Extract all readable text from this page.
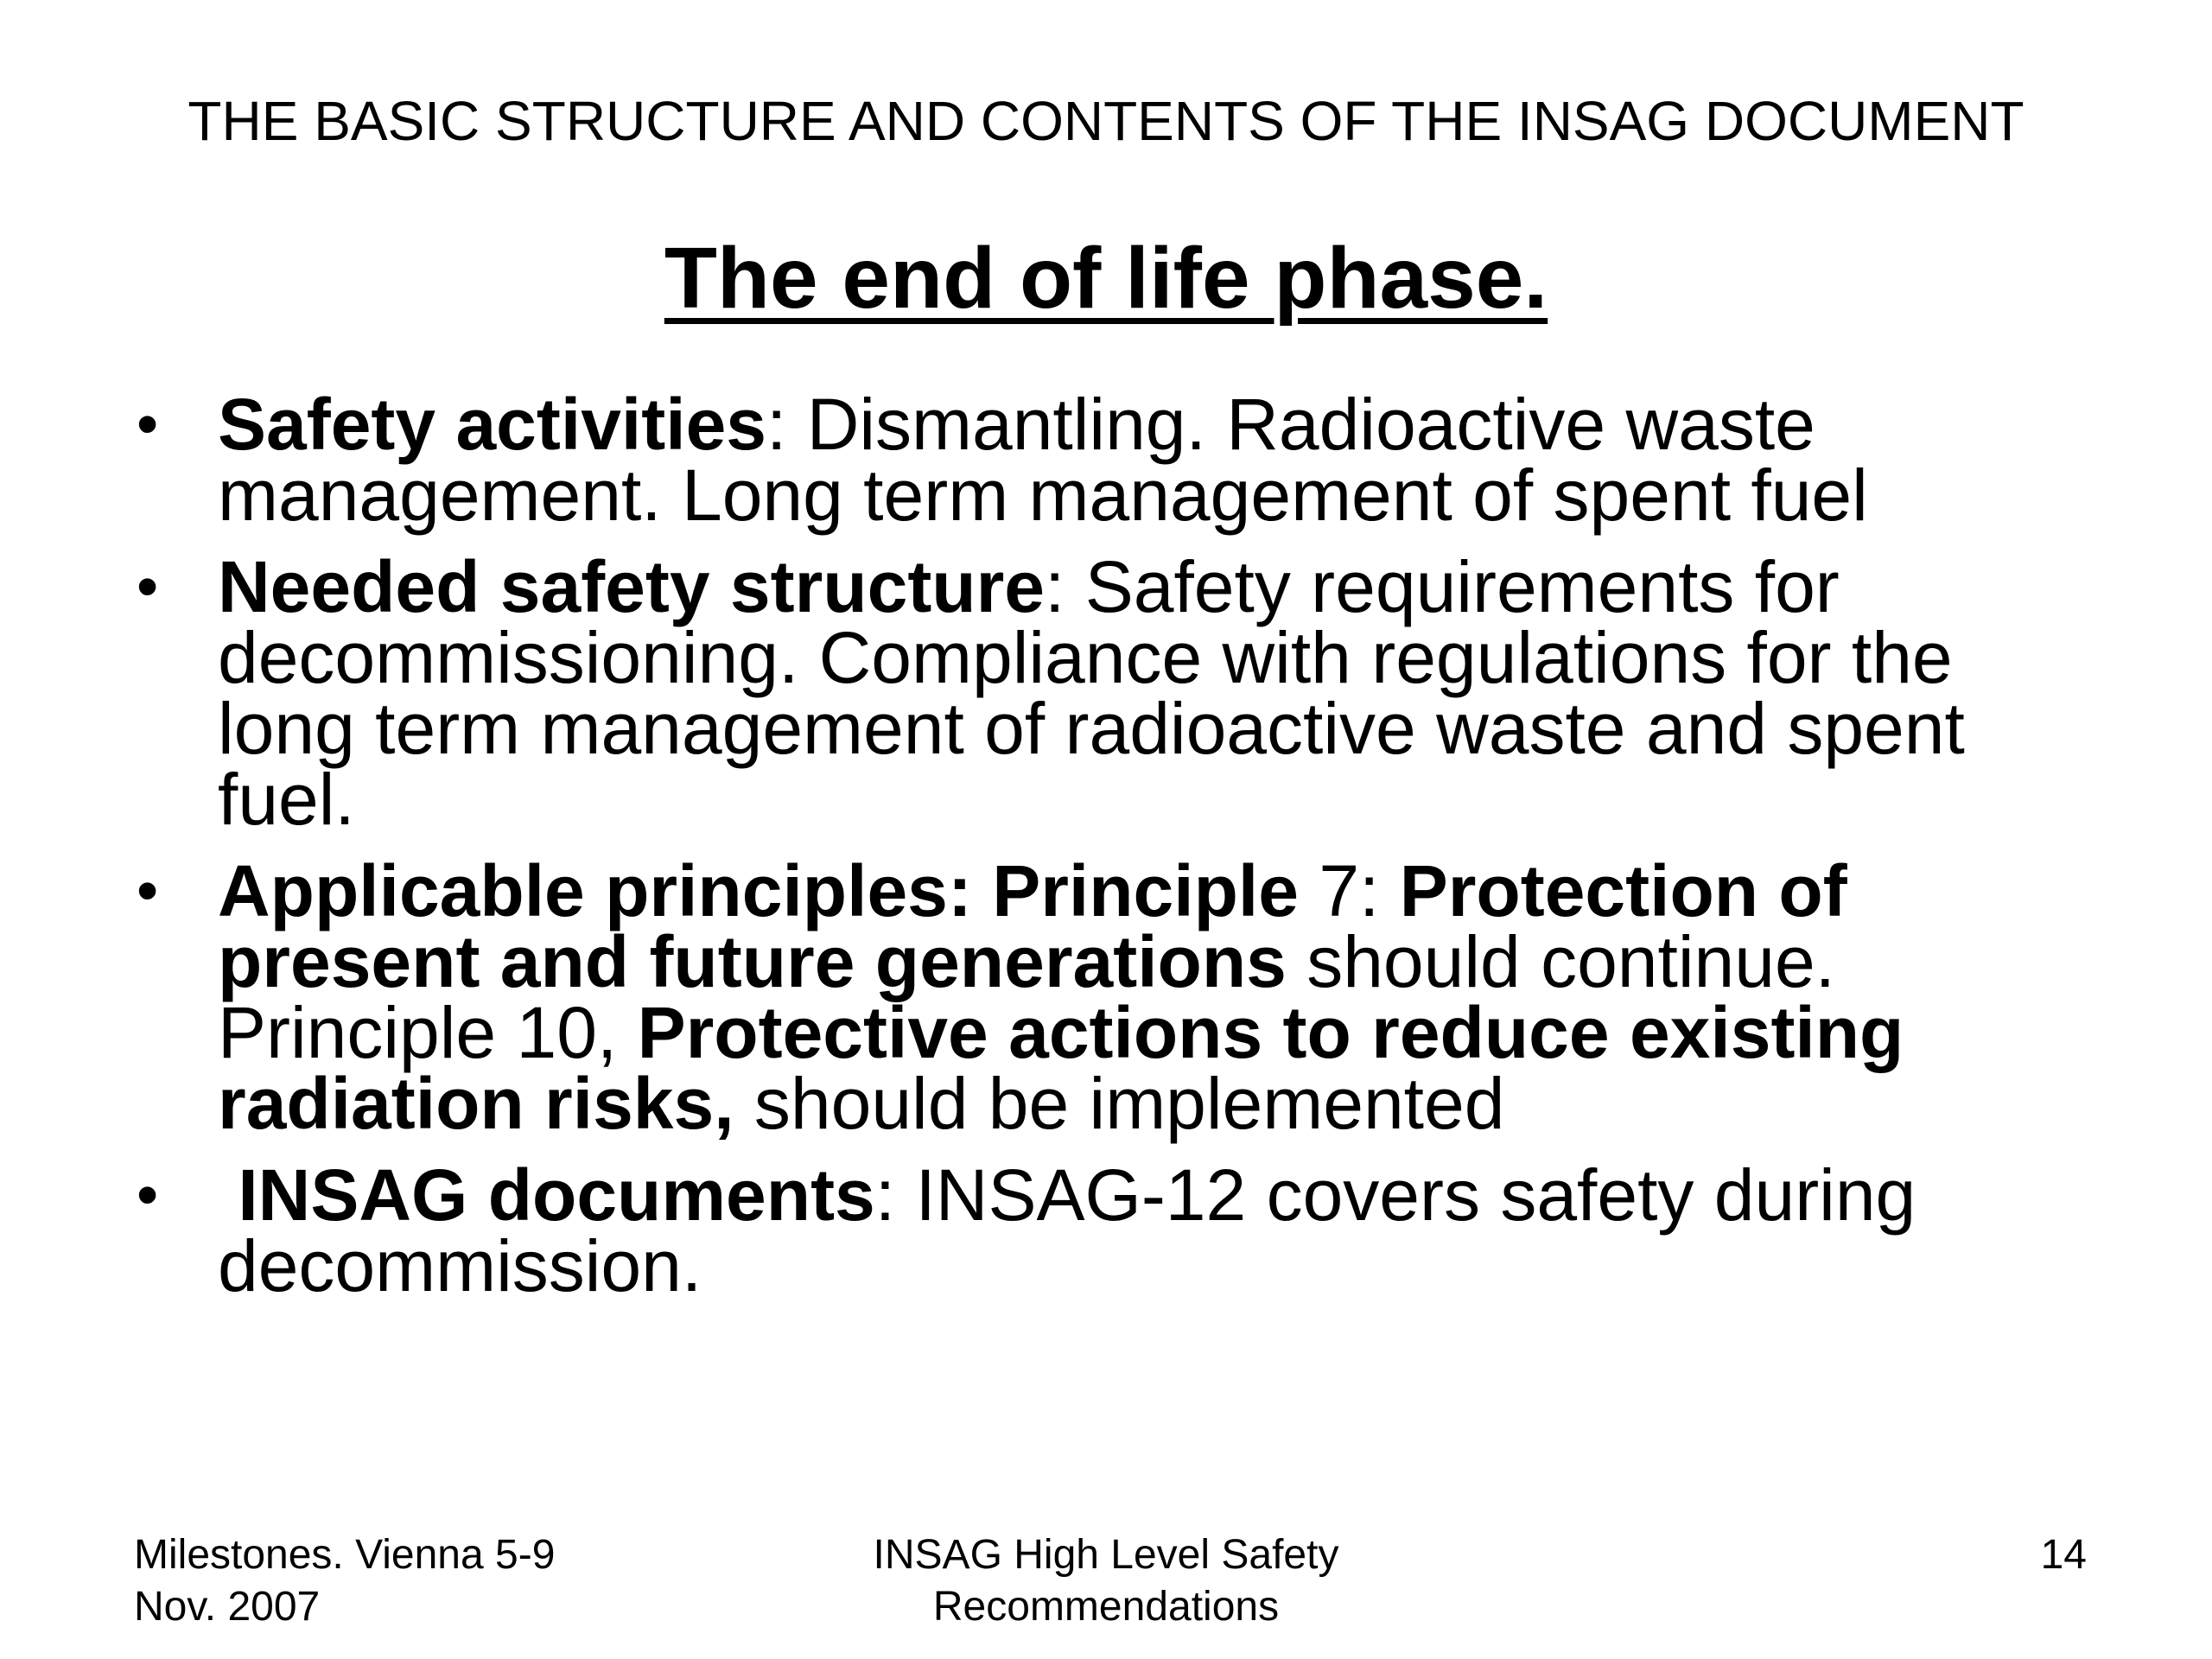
THE BASIC STRUCTURE AND CONTENTS OF THE INSAG DOCUMENT
The end of life phase.
• Safety activities: Dismantling. Radioactive waste management. Long term management of spent fuel
• Needed safety structure: Safety requirements for decommissioning. Compliance with regulations for the long term management of radioactive waste and spent fuel.
• Applicable principles: Principle 7: Protection of present and future generations should continue. Principle 10, Protective actions to reduce existing radiation risks, should be implemented
• INSAG documents: INSAG-12 covers safety during decommission.
Milestones. Vienna 5-9
Nov. 2007
INSAG High Level Safety
Recommendations
14
